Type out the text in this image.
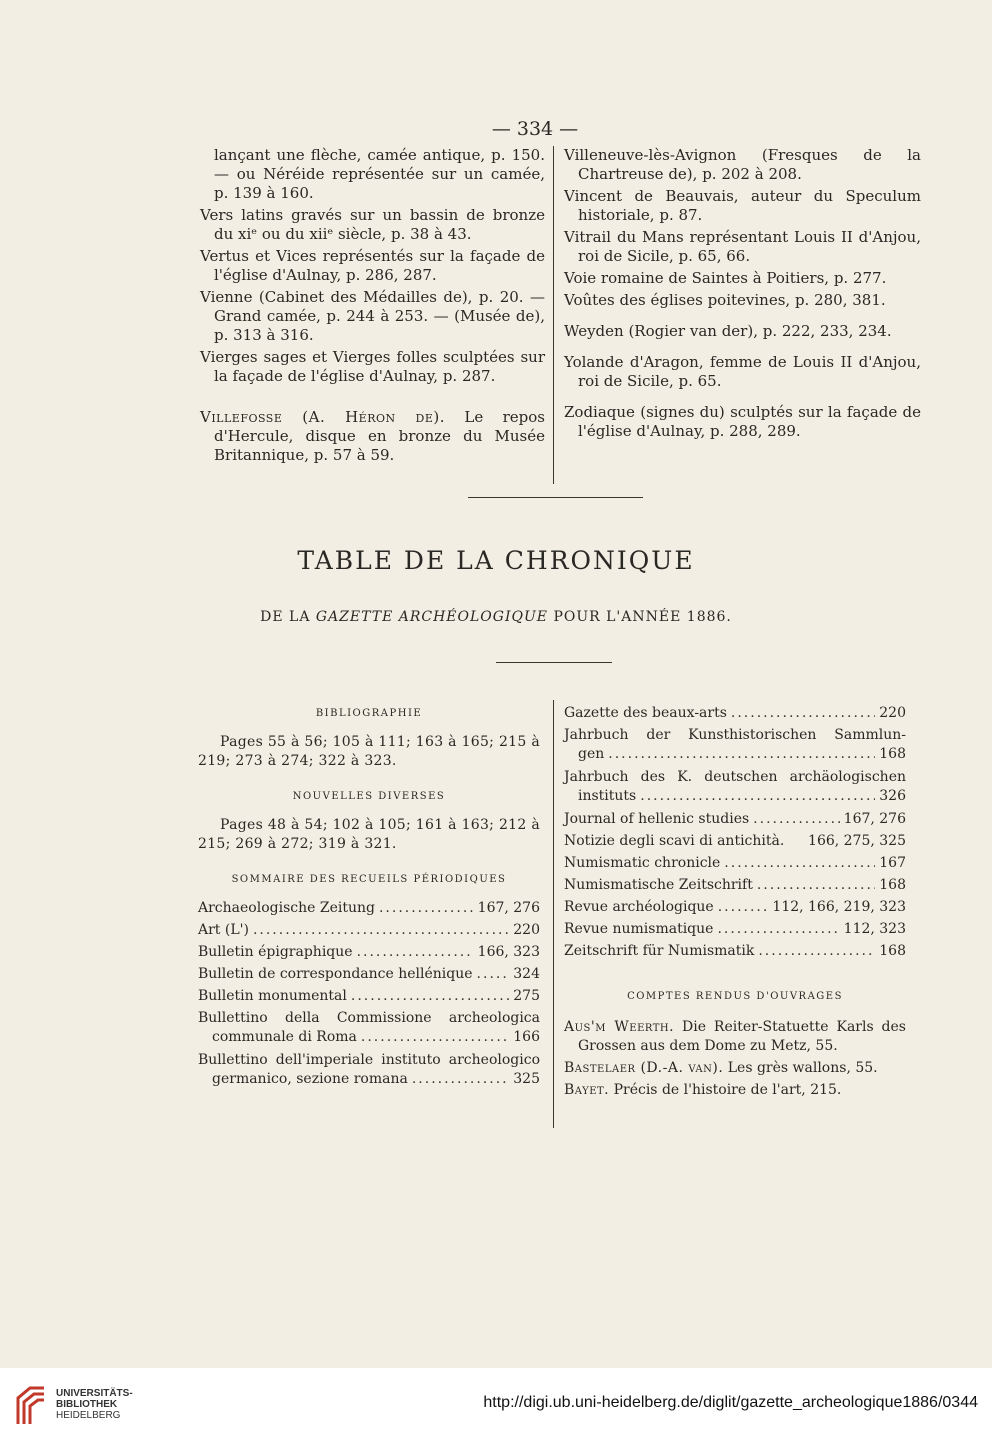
— 334 —

lançant une flèche, camée antique, p. 150. — ou Néréide représentée sur un camée, p. 139 à 160.

Vers latins gravés sur un bassin de bronze du xiᵉ ou du xiiᵉ siècle, p. 38 à 43.

Vertus et Vices représentés sur la façade de l'église d'Aulnay, p. 286, 287.

Vienne (Cabinet des Médailles de), p. 20. — Grand camée, p. 244 à 253. — (Musée de), p. 313 à 316.

Vierges sages et Vierges folles sculptées sur la façade de l'église d'Aulnay, p. 287.

Villefosse (A. Héron de). Le repos d'Hercule, disque en bronze du Musée Britannique, p. 57 à 59.

Villeneuve-lès-Avignon (Fresques de la Chartreuse de), p. 202 à 208.

Vincent de Beauvais, auteur du Speculum historiale, p. 87.

Vitrail du Mans représentant Louis II d'Anjou, roi de Sicile, p. 65, 66.

Voie romaine de Saintes à Poitiers, p. 277.

Voûtes des églises poitevines, p. 280, 381.

Weyden (Rogier van der), p. 222, 233, 234.

Yolande d'Aragon, femme de Louis II d'Anjou, roi de Sicile, p. 65.

Zodiaque (signes du) sculptés sur la façade de l'église d'Aulnay, p. 288, 289.

TABLE DE LA CHRONIQUE
DE LA GAZETTE ARCHÉOLOGIQUE POUR L'ANNÉE 1886.
BIBLIOGRAPHIE

Pages 55 à 56; 105 à 111; 163 à 165; 215 à 219; 273 à 274; 322 à 323.

NOUVELLES DIVERSES

Pages 48 à 54; 102 à 105; 161 à 163; 212 à 215; 269 à 272; 319 à 321.

SOMMAIRE DES RECUEILS PÉRIODIQUES
Archaeologische Zeitung .....	167, 276
Art (L') .....	220
Bulletin épigraphique .....	166, 323
Bulletin de correspondance hellénique .....	324
Bulletin monumental .....	275
Bullettino della Commissione archeologica
communale di Roma .....	166
Bullettino dell'imperiale instituto archeologico
germanico, sezione romana .....	325
Gazette des beaux-arts .....	220
Jahrbuch der Kunsthistorischen Sammlun-
gen .....	168
Jahrbuch des K. deutschen archäologischen
instituts .....	326
Journal of hellenic studies .....	167, 276
Notizie degli scavi di antichità. 166, 275, 325
Numismatic chronicle .....	167
Numismatische Zeitschrift .....	168
Revue archéologique .....	112, 166, 219, 323
Revue numismatique .....	112, 323
Zeitschrift für Numismatik .....	168
COMPTES RENDUS D'OUVRAGES

Aus'm Weerth. Die Reiter-Statuette Karls des Grossen aus dem Dome zu Metz, 55.

Bastelaer (D.-A. van). Les grès wallons, 55.

Bayet. Précis de l'histoire de l'art, 215.

UNIVERSITÄTS-
BIBLIOTHEK
HEIDELBERG
http://digi.ub.uni-heidelberg.de/diglit/gazette_archeologique1886/0344
